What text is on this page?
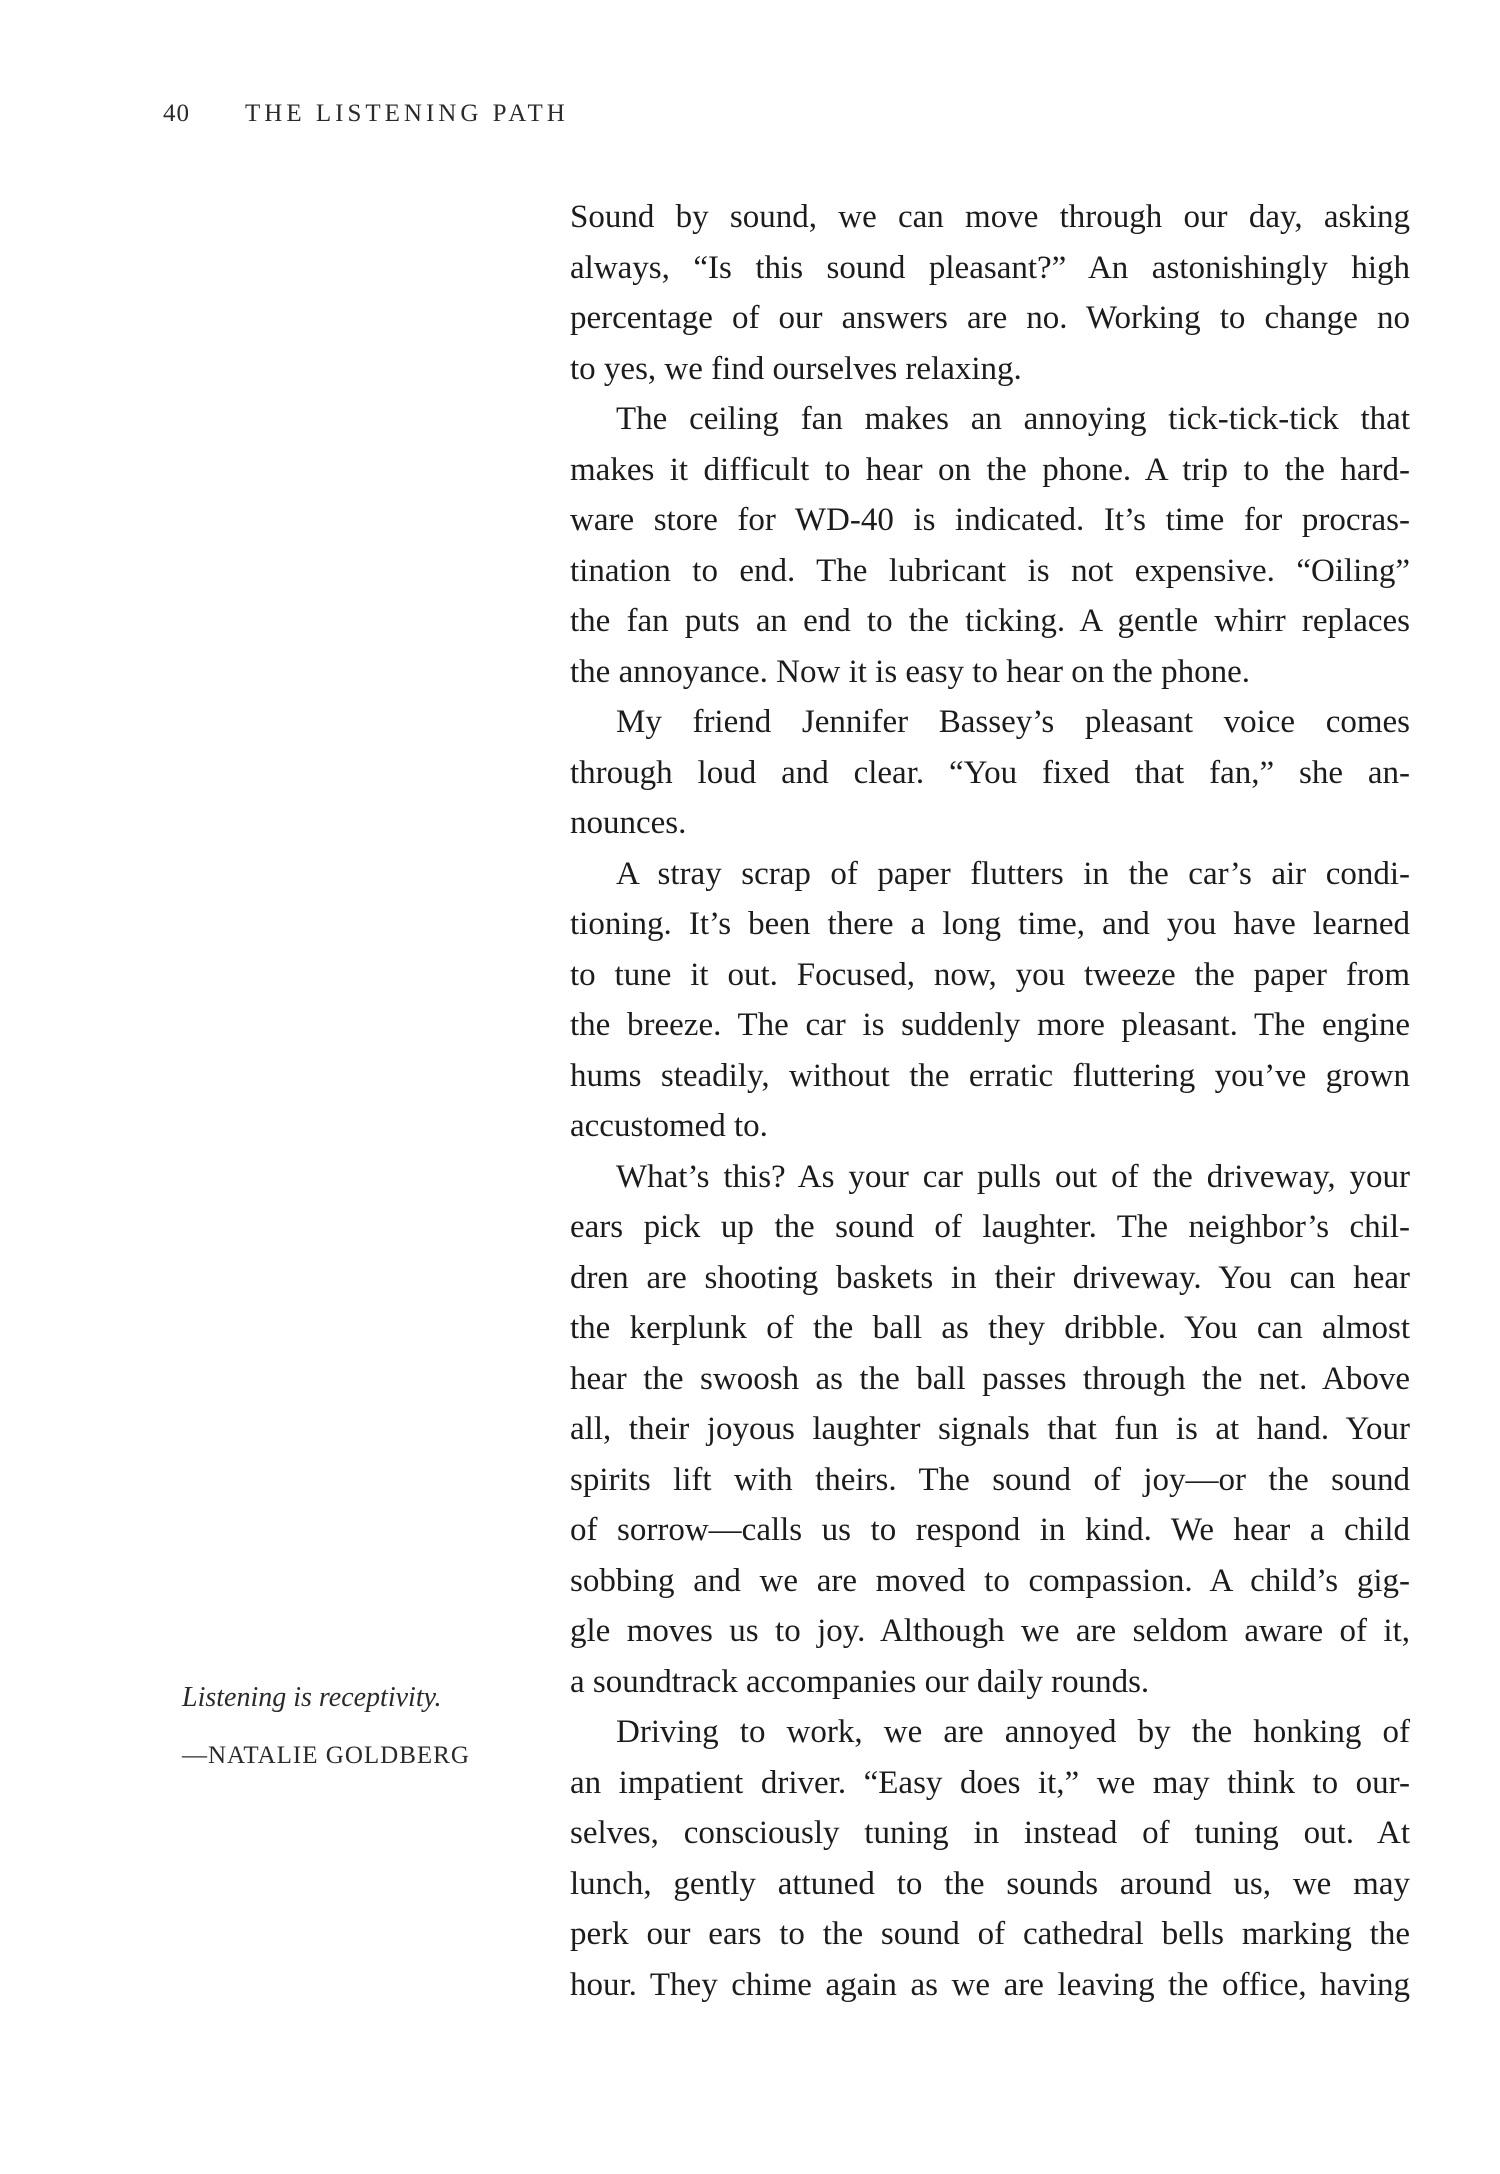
40 THE LISTENING PATH
Sound by sound, we can move through our day, asking
always, “Is this sound pleasant?” An astonishingly high
percentage of our answers are no. Working to change no
to yes, we find ourselves relaxing.
The ceiling fan makes an annoying tick-tick-tick that
makes it difficult to hear on the phone. A trip to the hard-
ware store for WD-40 is indicated. It’s time for procras-
tination to end. The lubricant is not expensive. “Oiling”
the fan puts an end to the ticking. A gentle whirr replaces
the annoyance. Now it is easy to hear on the phone.
My friend Jennifer Bassey’s pleasant voice comes
through loud and clear. “You fixed that fan,” she an-
nounces.
A stray scrap of paper flutters in the car’s air condi-
tioning. It’s been there a long time, and you have learned
to tune it out. Focused, now, you tweeze the paper from
the breeze. The car is suddenly more pleasant. The engine
hums steadily, without the erratic fluttering you’ve grown
accustomed to.
What’s this? As your car pulls out of the driveway, your
ears pick up the sound of laughter. The neighbor’s chil-
dren are shooting baskets in their driveway. You can hear
the kerplunk of the ball as they dribble. You can almost
hear the swoosh as the ball passes through the net. Above
all, their joyous laughter signals that fun is at hand. Your
spirits lift with theirs. The sound of joy—or the sound
of sorrow—calls us to respond in kind. We hear a child
sobbing and we are moved to compassion. A child’s gig-
gle moves us to joy. Although we are seldom aware of it,
a soundtrack accompanies our daily rounds.
Driving to work, we are annoyed by the honking of
an impatient driver. “Easy does it,” we may think to our-
selves, consciously tuning in instead of tuning out. At
lunch, gently attuned to the sounds around us, we may
perk our ears to the sound of cathedral bells marking the
hour. They chime again as we are leaving the office, having
Listening is receptivity.
—NATALIE GOLDBERG
